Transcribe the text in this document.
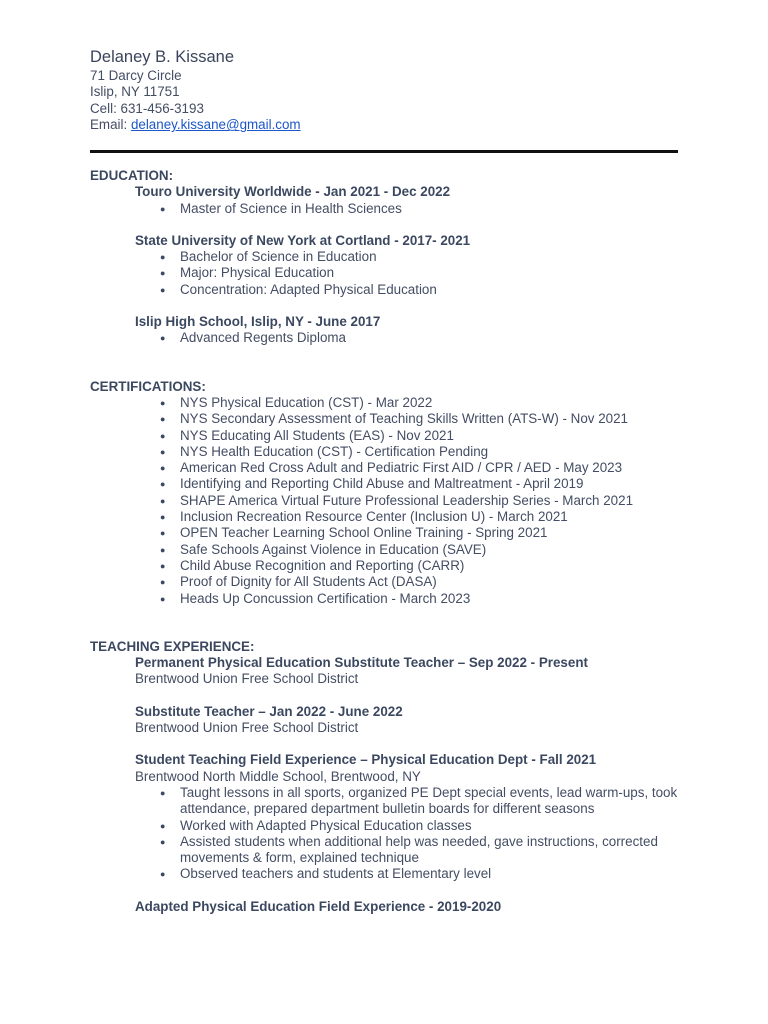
Delaney B. Kissane
71 Darcy Circle
Islip, NY 11751
Cell: 631-456-3193
Email: delaney.kissane@gmail.com
EDUCATION:
Touro University Worldwide - Jan 2021 - Dec 2022
● Master of Science in Health Sciences
State University of New York at Cortland - 2017- 2021
● Bachelor of Science in Education
● Major: Physical Education
● Concentration: Adapted Physical Education
Islip High School, Islip, NY - June 2017
● Advanced Regents Diploma
CERTIFICATIONS:
● NYS Physical Education (CST) - Mar 2022
● NYS Secondary Assessment of Teaching Skills Written (ATS-W) - Nov 2021
● NYS Educating All Students (EAS) - Nov 2021
● NYS Health Education (CST) - Certification Pending
● American Red Cross Adult and Pediatric First AID / CPR / AED - May 2023
● Identifying and Reporting Child Abuse and Maltreatment - April 2019
● SHAPE America Virtual Future Professional Leadership Series - March 2021
● Inclusion Recreation Resource Center (Inclusion U) - March 2021
● OPEN Teacher Learning School Online Training - Spring 2021
● Safe Schools Against Violence in Education (SAVE)
● Child Abuse Recognition and Reporting (CARR)
● Proof of Dignity for All Students Act (DASA)
● Heads Up Concussion Certification - March 2023
TEACHING EXPERIENCE:
Permanent Physical Education Substitute Teacher – Sep 2022 - Present
Brentwood Union Free School District
Substitute Teacher – Jan 2022 - June 2022
Brentwood Union Free School District
Student Teaching Field Experience – Physical Education Dept - Fall 2021
Brentwood North Middle School, Brentwood, NY
● Taught lessons in all sports, organized PE Dept special events, lead warm-ups, took attendance, prepared department bulletin boards for different seasons
● Worked with Adapted Physical Education classes
● Assisted students when additional help was needed, gave instructions, corrected movements & form, explained technique
● Observed teachers and students at Elementary level
Adapted Physical Education Field Experience - 2019-2020
